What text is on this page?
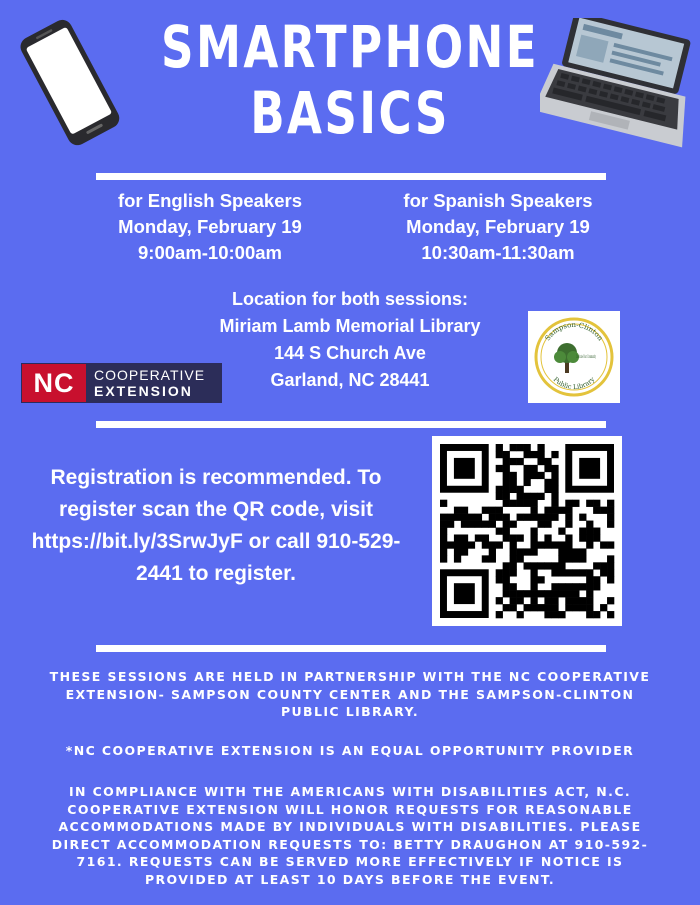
SMARTPHONE
BASICS
for English Speakers
Monday, February 19
9:00am-10:00am
for Spanish Speakers
Monday, February 19
10:30am-11:30am
Location for both sessions:
Miriam Lamb Memorial Library
144 S Church Ave
Garland, NC 28441
NC	COOPERATIVE
EXTENSION
Sampson-Clinton
Public Library
Registration is recommended. To register scan the QR code, visit https://bit.ly/3SrwJyF or call 910-529-2441 to register.
THESE SESSIONS ARE HELD IN PARTNERSHIP WITH THE NC COOPERATIVE EXTENSION- SAMPSON COUNTY CENTER AND THE SAMPSON-CLINTON PUBLIC LIBRARY.
*NC COOPERATIVE EXTENSION IS AN EQUAL OPPORTUNITY PROVIDER
IN COMPLIANCE WITH THE AMERICANS WITH DISABILITIES ACT, N.C. COOPERATIVE EXTENSION WILL HONOR REQUESTS FOR REASONABLE ACCOMMODATIONS MADE BY INDIVIDUALS WITH DISABILITIES. PLEASE DIRECT ACCOMMODATION REQUESTS TO: BETTY DRAUGHON AT 910-592-7161. REQUESTS CAN BE SERVED MORE EFFECTIVELY IF NOTICE IS PROVIDED AT LEAST 10 DAYS BEFORE THE EVENT.
